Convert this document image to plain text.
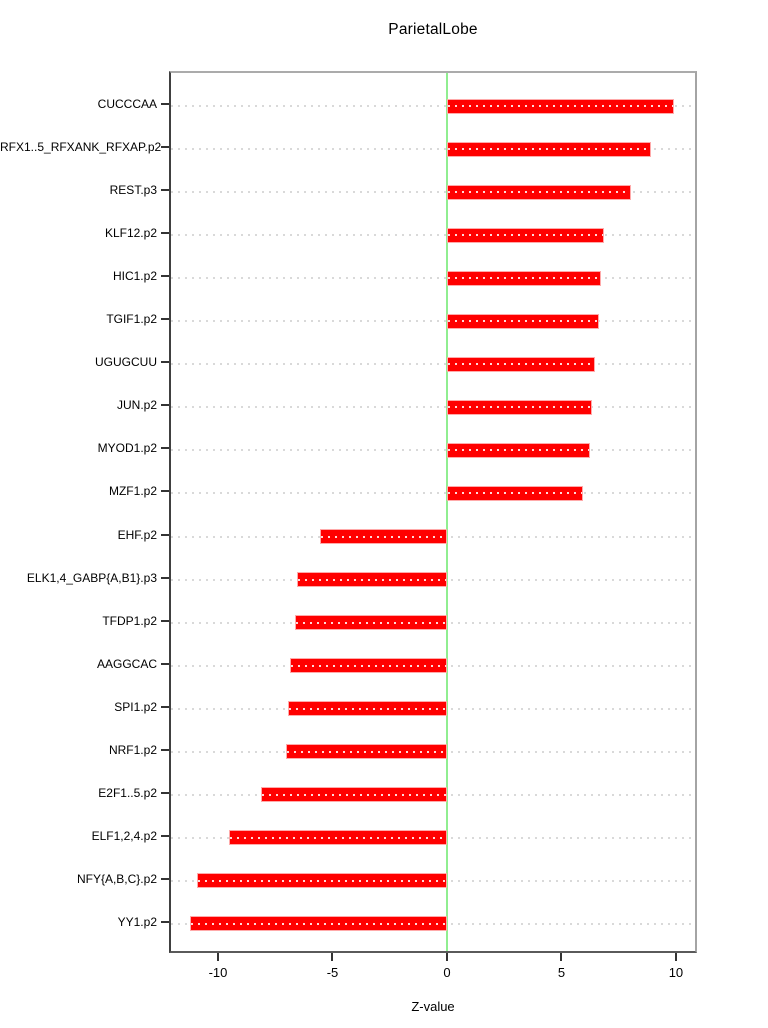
ParietalLobe
Z-value
CUCCCAA
RFX1..5_RFXANK_RFXAP.p2
REST.p3
KLF12.p2
HIC1.p2
TGIF1.p2
UGUGCUU
JUN.p2
MYOD1.p2
MZF1.p2
EHF.p2
ELK1,4_GABP{A,B1}.p3
TFDP1.p2
AAGGCAC
SPI1.p2
NRF1.p2
E2F1..5.p2
ELF1,2,4.p2
NFY{A,B,C}.p2
YY1.p2
-10	-5	0	5	10
